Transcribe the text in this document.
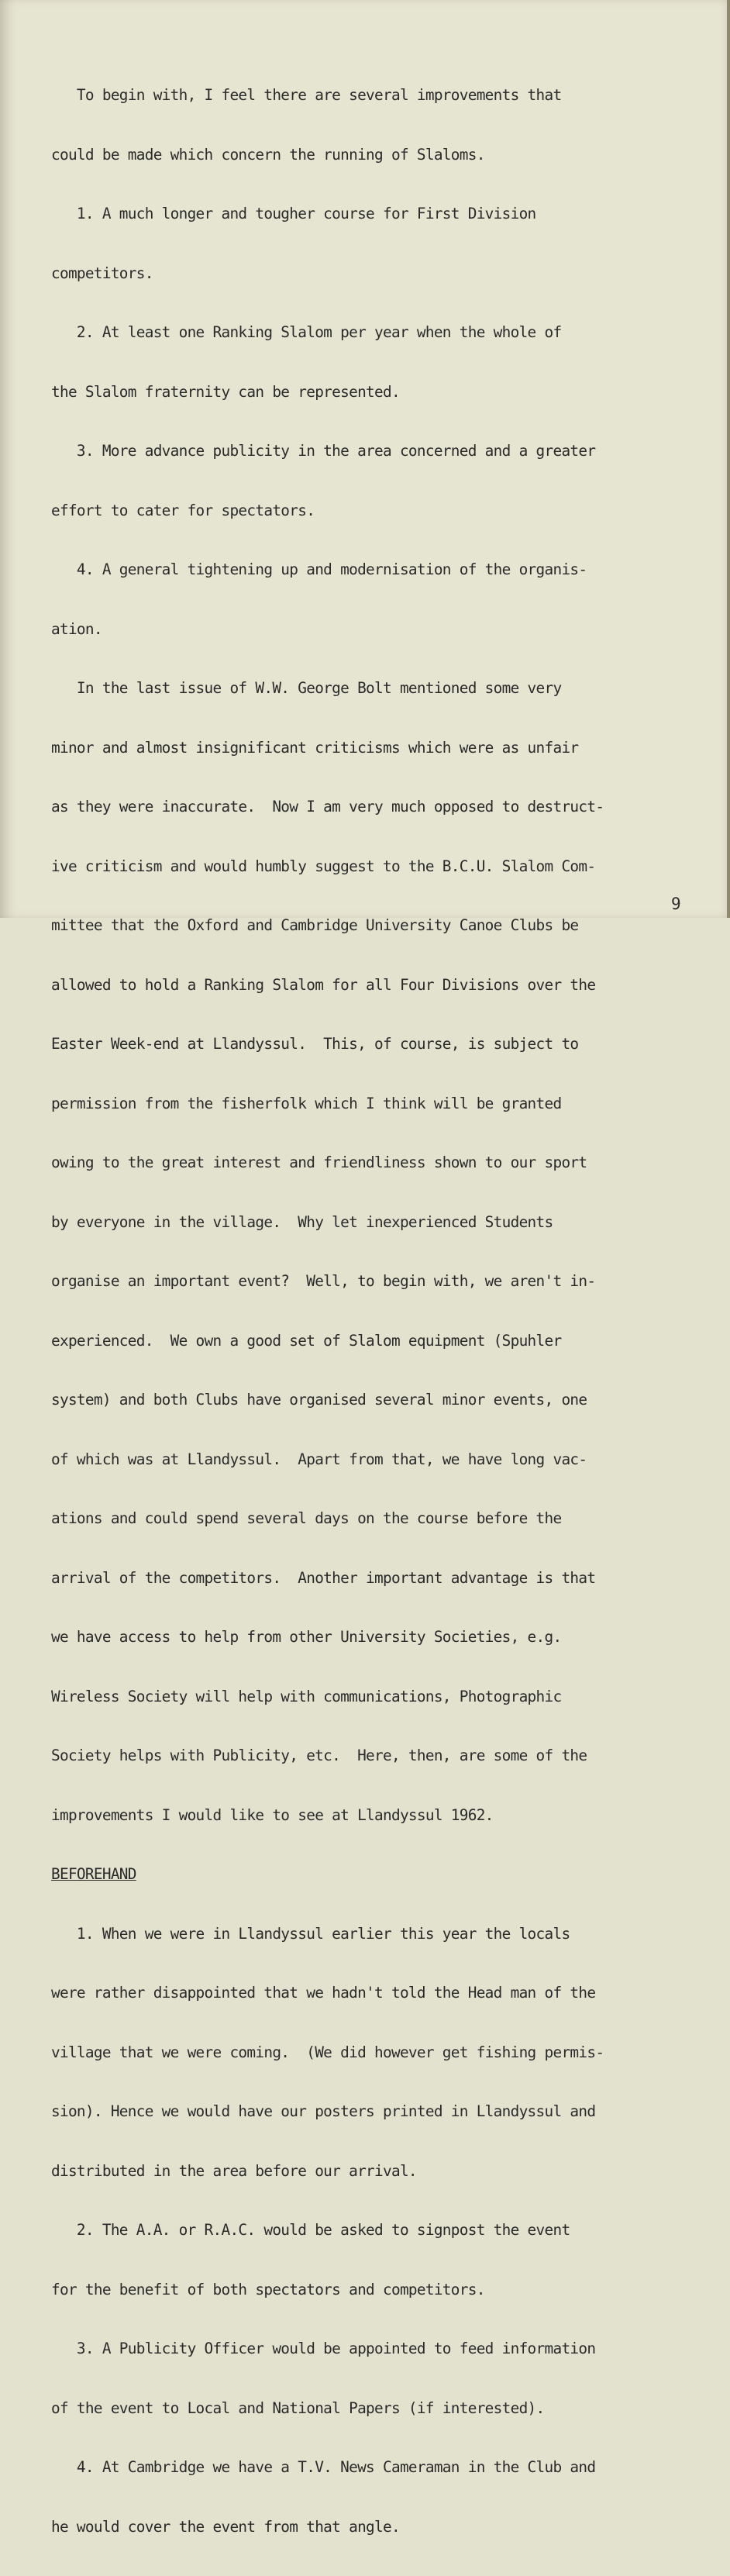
To begin with, I feel there are several improvements that

could be made which concern the running of Slaloms.

1. A much longer and tougher course for First Division

competitors.

2. At least one Ranking Slalom per year when the whole of

the Slalom fraternity can be represented.

3. More advance publicity in the area concerned and a greater

effort to cater for spectators.

4. A general tightening up and modernisation of the organis-

ation.

In the last issue of W.W. George Bolt mentioned some very

minor and almost insignificant criticisms which were as unfair

as they were inaccurate.  Now I am very much opposed to destruct-

ive criticism and would humbly suggest to the B.C.U. Slalom Com-

mittee that the Oxford and Cambridge University Canoe Clubs be

allowed to hold a Ranking Slalom for all Four Divisions over the

Easter Week-end at Llandyssul.  This, of course, is subject to

permission from the fisherfolk which I think will be granted

owing to the great interest and friendliness shown to our sport

by everyone in the village.  Why let inexperienced Students

organise an important event?  Well, to begin with, we aren't in-

experienced.  We own a good set of Slalom equipment (Spuhler

system) and both Clubs have organised several minor events, one

of which was at Llandyssul.  Apart from that, we have long vac-

ations and could spend several days on the course before the

arrival of the competitors.  Another important advantage is that

we have access to help from other University Societies, e.g.

Wireless Society will help with communications, Photographic

Society helps with Publicity, etc.  Here, then, are some of the

improvements I would like to see at Llandyssul 1962.

BEFOREHAND

1. When we were in Llandyssul earlier this year the locals

were rather disappointed that we hadn't told the Head man of the

village that we were coming.  (We did however get fishing permis-

sion). Hence we would have our posters printed in Llandyssul and

distributed in the area before our arrival.

2. The A.A. or R.A.C. would be asked to signpost the event

for the benefit of both spectators and competitors.

3. A Publicity Officer would be appointed to feed information

of the event to Local and National Papers (if interested).

4. At Cambridge we have a T.V. News Cameraman in the Club and

he would cover the event from that angle.

9
